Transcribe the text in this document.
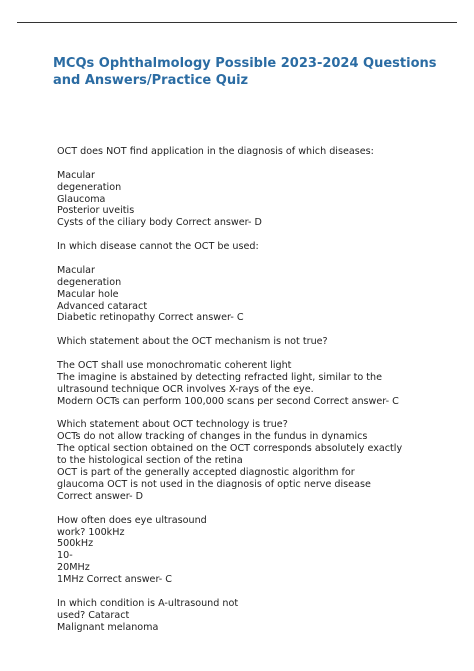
MCQs Ophthalmology Possible 2023-2024 Questions
and Answers/Practice Quiz
OCT does NOT find application in the diagnosis of which diseases:
Macular
degeneration
Glaucoma
Posterior uveitis
Cysts of the ciliary body Correct answer- D
In which disease cannot the OCT be used:
Macular
degeneration
Macular hole
Advanced cataract
Diabetic retinopathy Correct answer- C
Which statement about the OCT mechanism is not true?
The OCT shall use monochromatic coherent light
The imagine is abstained by detecting refracted light, similar to the
ultrasound technique OCR involves X-rays of the eye.
Modern OCTs can perform 100,000 scans per second Correct answer- C
Which statement about OCT technology is true?
OCTs do not allow tracking of changes in the fundus in dynamics
The optical section obtained on the OCT corresponds absolutely exactly
to the histological section of the retina
OCT is part of the generally accepted diagnostic algorithm for
glaucoma OCT is not used in the diagnosis of optic nerve disease
Correct answer- D
How often does eye ultrasound
work? 100kHz
500kHz
10-
20MHz
1MHz Correct answer- C
In which condition is A-ultrasound not
used? Cataract
Malignant melanoma
